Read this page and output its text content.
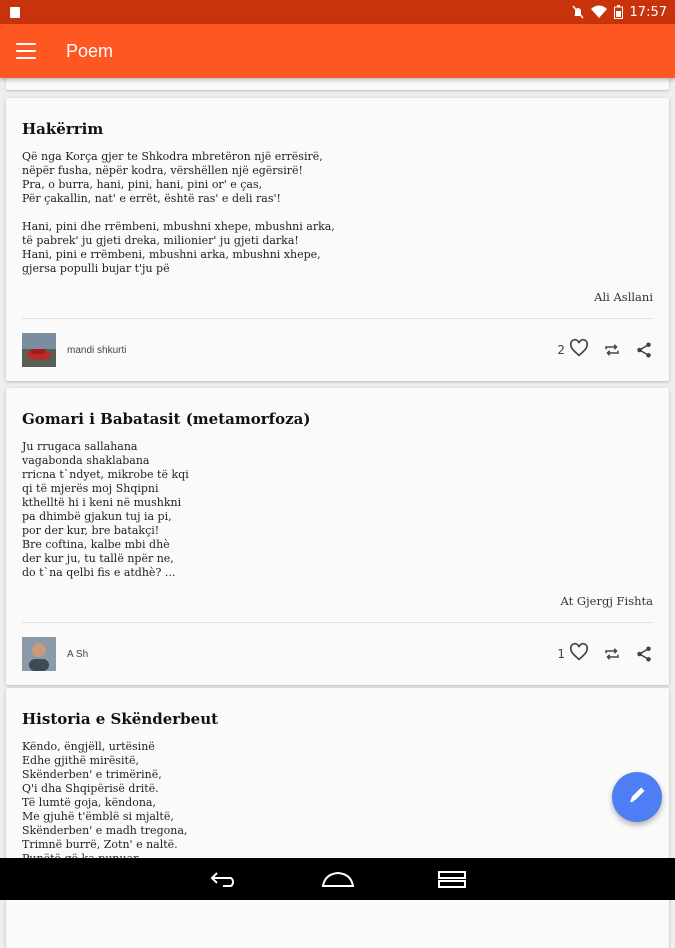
17:57
Poem
Hakërrim
Që nga Korça gjer te Shkodra mbretëron një errësirë,
nëpër fusha, nëpër kodra, vërshëllen një egërsirë!
Pra, o burra, hani, pini, hani, pini or' e ças,
Për çakallin, nat' e errët, është ras' e deli ras'!

Hani, pini dhe rrëmbeni, mbushni xhepe, mbushni arka,
të pabrek' ju gjeti dreka, milionier' ju gjeti darka!
Hani, pini e rrëmbeni, mbushni arka, mbushni xhepe,
gjersa populli bujar t'ju pë
Ali Asllani
mandi shkurti	2
Gomari i Babatasit (metamorfoza)
Ju rrugaca sallahana
vagabonda shaklabana
rricna t`ndyet, mikrobe të kqi
qi të mjerës moj Shqipni
kthelltë hi i keni në mushkni
pa dhimbë gjakun tuj ia pi,
por der kur, bre batakçi!
Bre coftina, kalbe mbi dhè
der kur ju, tu tallë npër ne,
do t`na qelbi fis e atdhè? ...
At Gjergj Fishta
A Sh	1
Historia e Skënderbeut
Këndo, ëngjëll, urtësinë
Edhe gjithë mirësitë,
Skënderben' e trimërinë,
Q'i dha Shqipërisë dritë.
Të lumtë goja, këndona,
Me gjuhë t'ëmblë si mjaltë,
Skënderben' e madh tregona,
Trimnë burrë, Zotn' e naltë.
